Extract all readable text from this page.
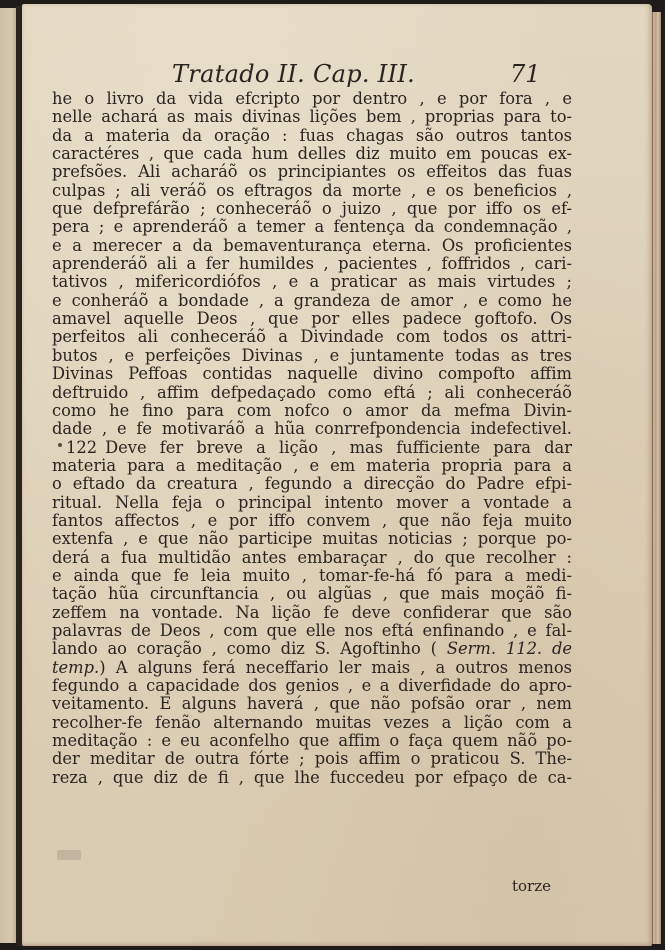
Tratado II. Cap. III.	71
he o livro da vida efcripto por dentro , e por fora , e
nelle achará as mais divinas lições bem , proprias para to-
da a materia da oração : fuas chagas são outros tantos
caractéres , que cada hum delles diz muito em poucas ex-
prefsões. Ali acharáõ os principiantes os effeitos das fuas
culpas ; ali veráõ os eftragos da morte , e os beneficios ,
que defprefárão ; conheceráõ o juizo , que por iffo os ef-
pera ; e aprenderáõ a temer a fentença da condemnação ,
e a merecer a da bemaventurança eterna. Os proficientes
aprenderáõ ali a fer humildes , pacientes , foffridos , cari-
tativos , mifericordiófos , e a praticar as mais virtudes ;
e conheráõ a bondade , a grandeza de amor , e como he
amavel aquelle Deos , que por elles padece goftofo. Os
perfeitos ali conheceráõ a Divindade com todos os attri-
butos , e perfeições Divinas , e juntamente todas as tres
Divinas Peffoas contidas naquelle divino compofto affim
deftruido , affim defpedaçado como eftá ; ali conheceráõ
como he fino para com nofco o amor da mefma Divin-
dade , e fe motivaráõ a hũa conrrefpondencia indefectivel.
122 Deve fer breve a lição , mas fufficiente para dar
materia para a meditação , e em materia propria para a
o eftado da creatura , fegundo a direcção do Padre efpi-
ritual. Nella feja o principal intento mover a vontade a
fantos affectos , e por iffo convem , que não feja muito
extenfa , e que não participe muitas noticias ; porque po-
derá a fua multidão antes embaraçar , do que recolher :
e ainda que fe leia muito , tomar-fe-há fó para a medi-
tação hũa circunftancia , ou algũas , que mais moçãõ fi-
zeffem na vontade. Na lição fe deve confiderar que são
palavras de Deos , com que elle nos eftá enfinando , e fal-
lando ao coração , como diz S. Agoftinho ( Serm. 112. de
temp.) A alguns ferá neceffario ler mais , a outros menos
fegundo a capacidade dos genios , e a diverfidade do apro-
veitamento. E alguns haverá , que não pofsão orar , nem
recolher-fe fenão alternando muitas vezes a lição com a
meditação : e eu aconfelho que affim o faça quem nãõ po-
der meditar de outra fórte ; pois affim o praticou S. The-
reza , que diz de fi , que lhe fuccedeu por efpaço de ca-
torze
